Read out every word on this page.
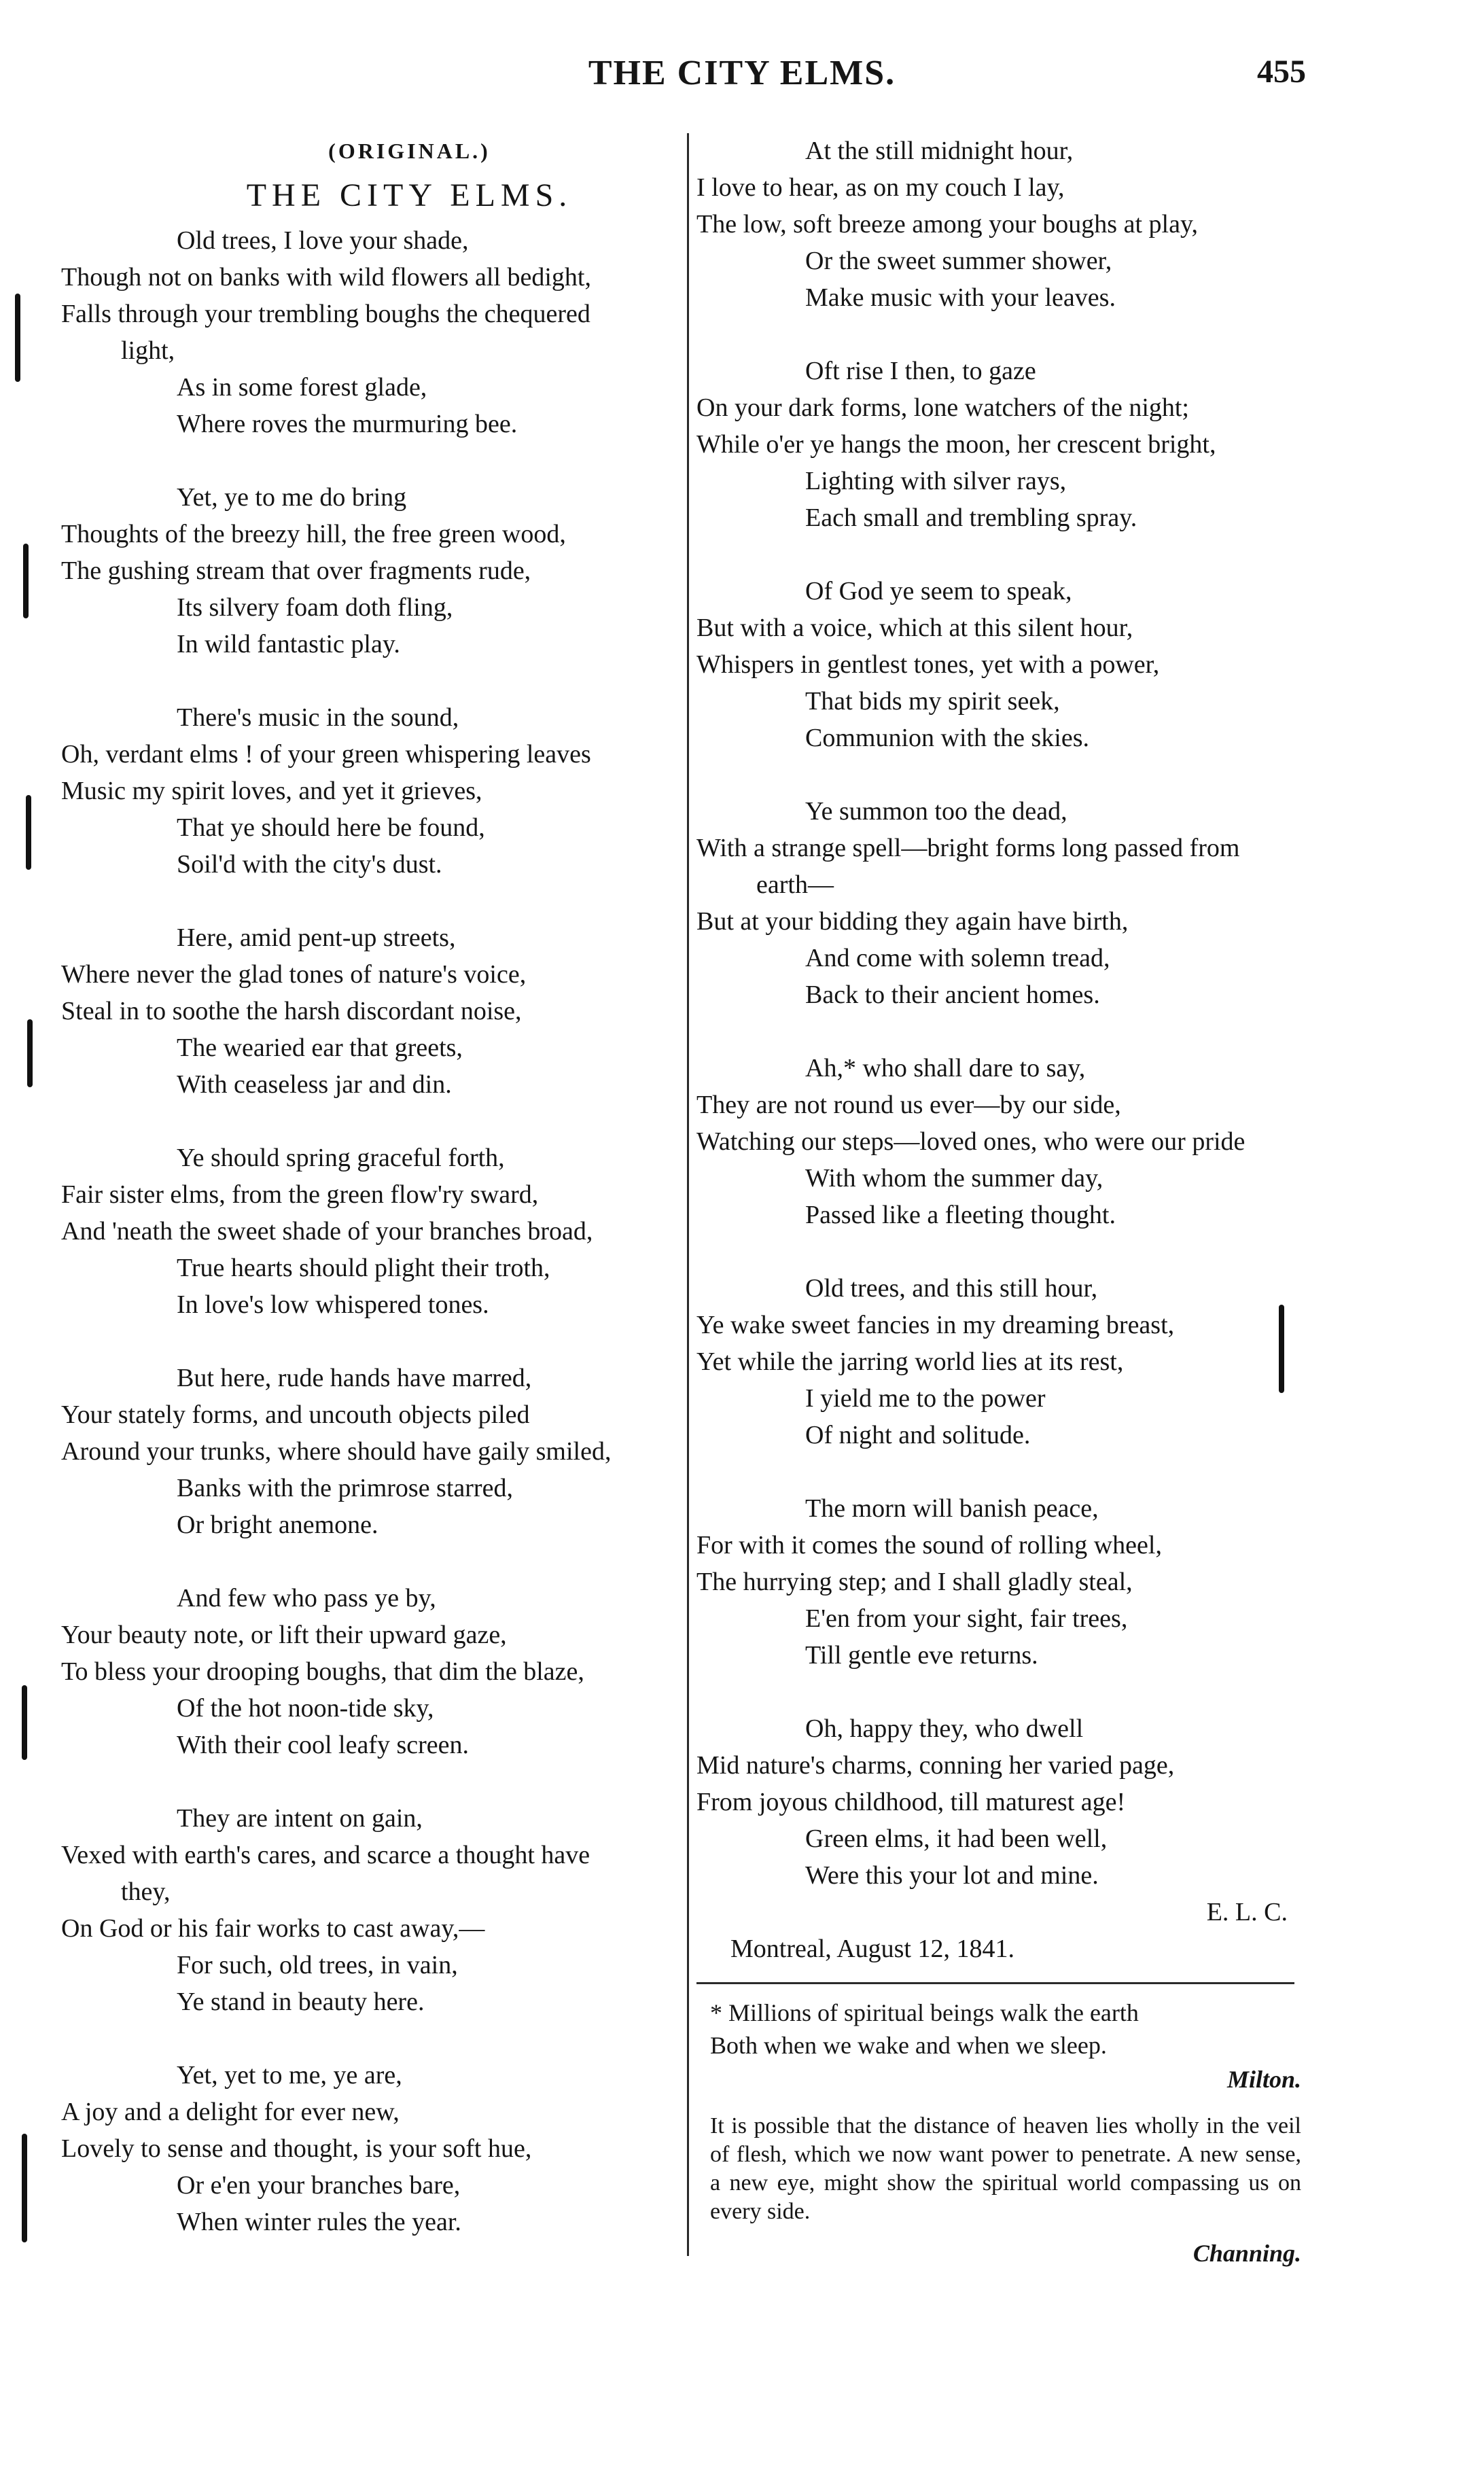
THE CITY ELMS.	455
(ORIGINAL.)
THE CITY ELMS.
Old trees, I love your shade,
Though not on banks with wild flowers all bedight,
Falls through your trembling boughs the chequered
light,
As in some forest glade,
Where roves the murmuring bee.
Yet, ye to me do bring
Thoughts of the breezy hill, the free green wood,
The gushing stream that over fragments rude,
Its silvery foam doth fling,
In wild fantastic play.
There's music in the sound,
Oh, verdant elms ! of your green whispering leaves
Music my spirit loves, and yet it grieves,
That ye should here be found,
Soil'd with the city's dust.
Here, amid pent-up streets,
Where never the glad tones of nature's voice,
Steal in to soothe the harsh discordant noise,
The wearied ear that greets,
With ceaseless jar and din.
Ye should spring graceful forth,
Fair sister elms, from the green flow'ry sward,
And 'neath the sweet shade of your branches broad,
True hearts should plight their troth,
In love's low whispered tones.
But here, rude hands have marred,
Your stately forms, and uncouth objects piled
Around your trunks, where should have gaily smiled,
Banks with the primrose starred,
Or bright anemone.
And few who pass ye by,
Your beauty note, or lift their upward gaze,
To bless your drooping boughs, that dim the blaze,
Of the hot noon-tide sky,
With their cool leafy screen.
They are intent on gain,
Vexed with earth's cares, and scarce a thought have
they,
On God or his fair works to cast away,—
For such, old trees, in vain,
Ye stand in beauty here.
Yet, yet to me, ye are,
A joy and a delight for ever new,
Lovely to sense and thought, is your soft hue,
Or e'en your branches bare,
When winter rules the year.
At the still midnight hour,
I love to hear, as on my couch I lay,
The low, soft breeze among your boughs at play,
Or the sweet summer shower,
Make music with your leaves.
Oft rise I then, to gaze
On your dark forms, lone watchers of the night;
While o'er ye hangs the moon, her crescent bright,
Lighting with silver rays,
Each small and trembling spray.
Of God ye seem to speak,
But with a voice, which at this silent hour,
Whispers in gentlest tones, yet with a power,
That bids my spirit seek,
Communion with the skies.
Ye summon too the dead,
With a strange spell—bright forms long passed from
earth—
But at your bidding they again have birth,
And come with solemn tread,
Back to their ancient homes.
Ah,* who shall dare to say,
They are not round us ever—by our side,
Watching our steps—loved ones, who were our pride
With whom the summer day,
Passed like a fleeting thought.
Old trees, and this still hour,
Ye wake sweet fancies in my dreaming breast,
Yet while the jarring world lies at its rest,
I yield me to the power
Of night and solitude.
The morn will banish peace,
For with it comes the sound of rolling wheel,
The hurrying step; and I shall gladly steal,
E'en from your sight, fair trees,
Till gentle eve returns.
Oh, happy they, who dwell
Mid nature's charms, conning her varied page,
From joyous childhood, till maturest age!
Green elms, it had been well,
Were this your lot and mine.
E. L. C.
Montreal, August 12, 1841.
* Millions of spiritual beings walk the earth
Both when we wake and when we sleep.
Milton.
It is possible that the distance of heaven lies wholly in the veil of flesh, which we now want power to penetrate. A new sense, a new eye, might show the spiritual world compassing us on every side.
Channing.
